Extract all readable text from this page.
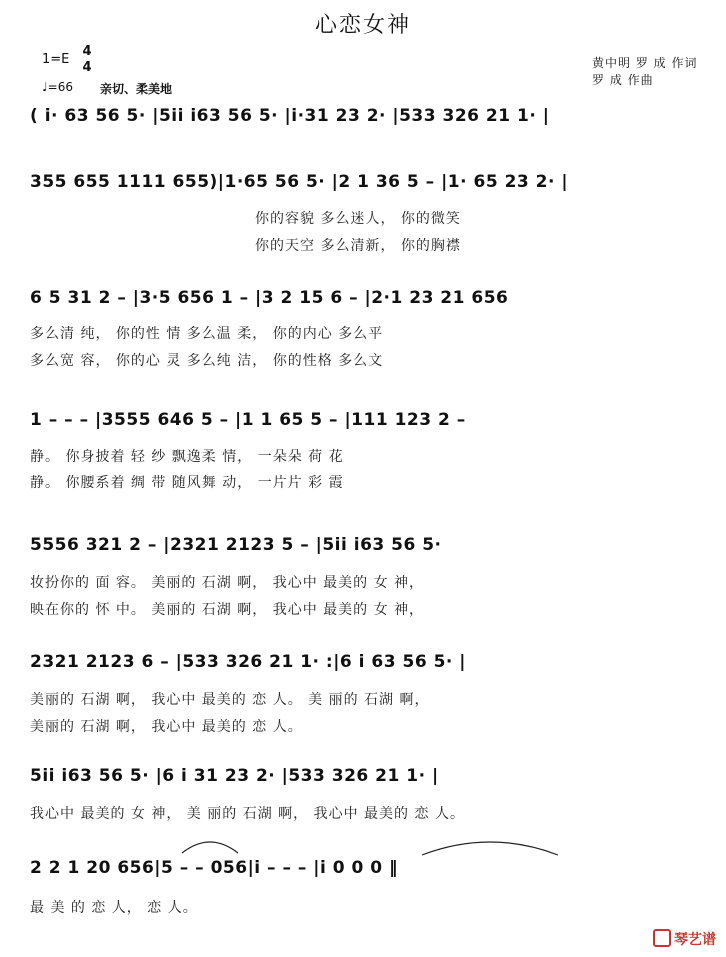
心恋女神
1=E
4
4
♩=66 亲切、柔美地
黄中明 罗 成 作词
罗 成 作曲
( i· 63 56 5· |5ii i63 56 5· |i·31 23 2· |533 326 21 1· |
355 655 1111 655)|1·65 56 5· |2 1 36 5 – |1· 65 23 2· |
你的容貌 多么迷人， 你的微笑
你的天空 多么清新， 你的胸襟
6 5 31 2 – |3·5 656 1 – |3 2 15 6 – |2·1 23 21 656
多么清 纯， 你的性 情 多么温 柔， 你的内心 多么平
多么宽 容， 你的心 灵 多么纯 洁， 你的性格 多么文
1 – – – |3555 646 5 – |1 1 65 5 – |111 123 2 –
静。 你身披着 轻 纱 飘逸柔 情， 一朵朵 荷 花
静。 你腰系着 绸 带 随风舞 动， 一片片 彩 霞
5556 321 2 – |2321 2123 5 – |5ii i63 56 5·
妆扮你的 面 容。 美丽的 石湖 啊， 我心中 最美的 女 神，
映在你的 怀 中。 美丽的 石湖 啊， 我心中 最美的 女 神，
2321 2123 6 – |533 326 21 1· :|6 i 63 56 5· |
美丽的 石湖 啊， 我心中 最美的 恋 人。 美 丽的 石湖 啊，
美丽的 石湖 啊， 我心中 最美的 恋 人。
5ii i63 56 5· |6 i 31 23 2· |533 326 21 1· |
我心中 最美的 女 神， 美 丽的 石湖 啊， 我心中 最美的 恋 人。
2 2 1 20 656|5 – – 056|i – – – |i 0 0 0 ‖
最 美 的 恋 人， 恋 人。
琴艺谱
